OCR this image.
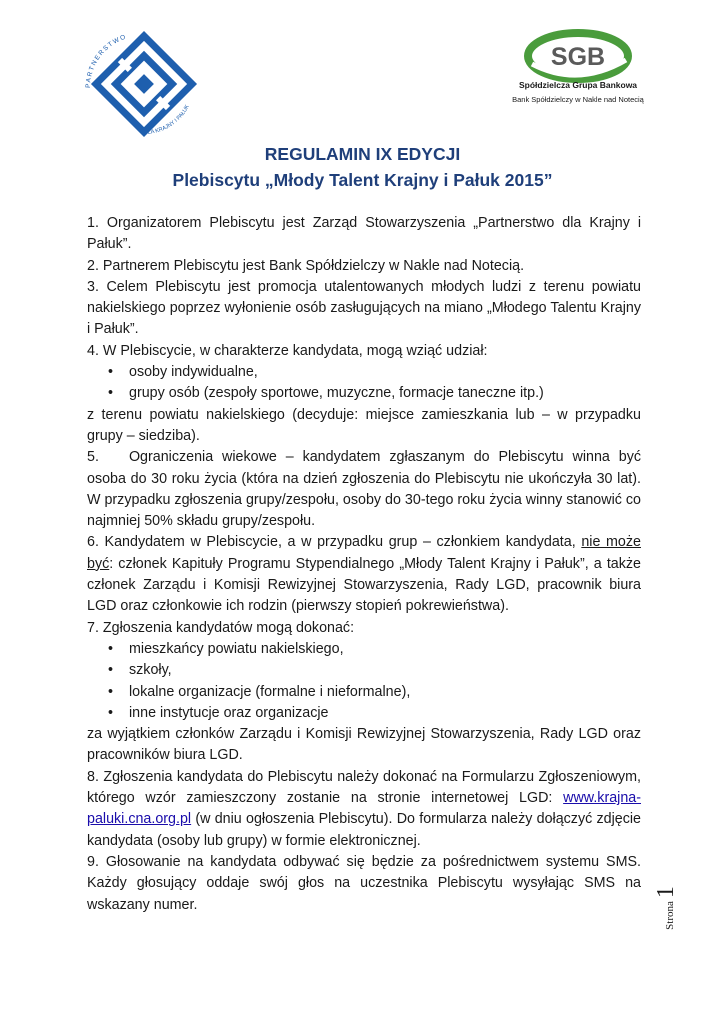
PARTNERSTWO
DLA KRAJNY I PAŁUK
SGB
Spółdzielcza Grupa Bankowa
Bank Spółdzielczy w Nakle nad Notecią
REGULAMIN IX EDYCJI
Plebiscytu „Młody Talent Krajny i Pałuk 2015”

1. Organizatorem Plebiscytu jest Zarząd Stowarzyszenia „Partnerstwo dla Krajny i Pałuk”.

2. Partnerem Plebiscytu jest Bank Spółdzielczy w Nakle nad Notecią.

3. Celem Plebiscytu jest promocja utalentowanych młodych ludzi z terenu powiatu nakielskiego poprzez wyłonienie osób zasługujących na miano „Młodego Talentu Krajny i Pałuk”.

4. W Plebiscycie, w charakterze kandydata, mogą wziąć udział:

• osoby indywidualne,
• grupy osób (zespoły sportowe, muzyczne, formacje taneczne itp.)

z terenu powiatu nakielskiego (decyduje: miejsce zamieszkania lub – w przypadku grupy – siedziba).

5. Ograniczenia wiekowe – kandydatem zgłaszanym do Plebiscytu winna być osoba do 30 roku życia (która na dzień zgłoszenia do Plebiscytu nie ukończyła 30 lat). W przypadku zgłoszenia grupy/zespołu, osoby do 30-tego roku życia winny stanowić co najmniej 50% składu grupy/zespołu.

6. Kandydatem w Plebiscycie, a w przypadku grup – członkiem kandydata, nie może być: członek Kapituły Programu Stypendialnego „Młody Talent Krajny i Pałuk”, a także członek Zarządu i Komisji Rewizyjnej Stowarzyszenia, Rady LGD, pracownik biura LGD oraz członkowie ich rodzin (pierwszy stopień pokrewieństwa).

7. Zgłoszenia kandydatów mogą dokonać:

• mieszkańcy powiatu nakielskiego,
• szkoły,
• lokalne organizacje (formalne i nieformalne),
• inne instytucje oraz organizacje

za wyjątkiem członków Zarządu i Komisji Rewizyjnej Stowarzyszenia, Rady LGD oraz pracowników biura LGD.

8. Zgłoszenia kandydata do Plebiscytu należy dokonać na Formularzu Zgłoszeniowym, którego wzór zamieszczony zostanie na stronie internetowej LGD: www.krajna-paluki.cna.org.pl (w dniu ogłoszenia Plebiscytu). Do formularza należy dołączyć zdjęcie kandydata (osoby lub grupy) w formie elektronicznej.

9. Głosowanie na kandydata odbywać się będzie za pośrednictwem systemu SMS. Każdy głosujący oddaje swój głos na uczestnika Plebiscytu wysyłając SMS na wskazany numer.	Strona
1
